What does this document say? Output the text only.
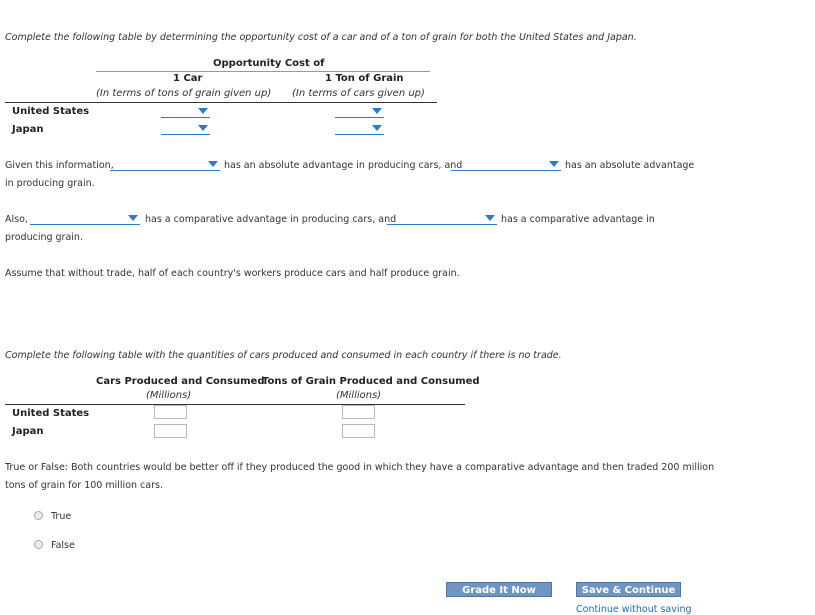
Complete the following table by determining the opportunity cost of a car and of a ton of grain for both the United States and Japan.
Opportunity Cost of
1 Car	1 Ton of Grain
(In terms of tons of grain given up) (In terms of cars given up)
United States
Japan
Given this information,	has an absolute advantage in producing cars, and	has an absolute advantage
in producing grain.
Also,	has a comparative advantage in producing cars, and	has a comparative advantage in
producing grain.
Assume that without trade, half of each country's workers produce cars and half produce grain.
Complete the following table with the quantities of cars produced and consumed in each country if there is no trade.
Cars Produced and Consumed
Tons of Grain Produced and Consumed
(Millions)	(Millions)
United States
Japan
True or False: Both countries would be better off if they produced the good in which they have a comparative advantage and then traded 200 million
tons of grain for 100 million cars.
True
False
Grade It Now	Save & Continue
Continue without saving
